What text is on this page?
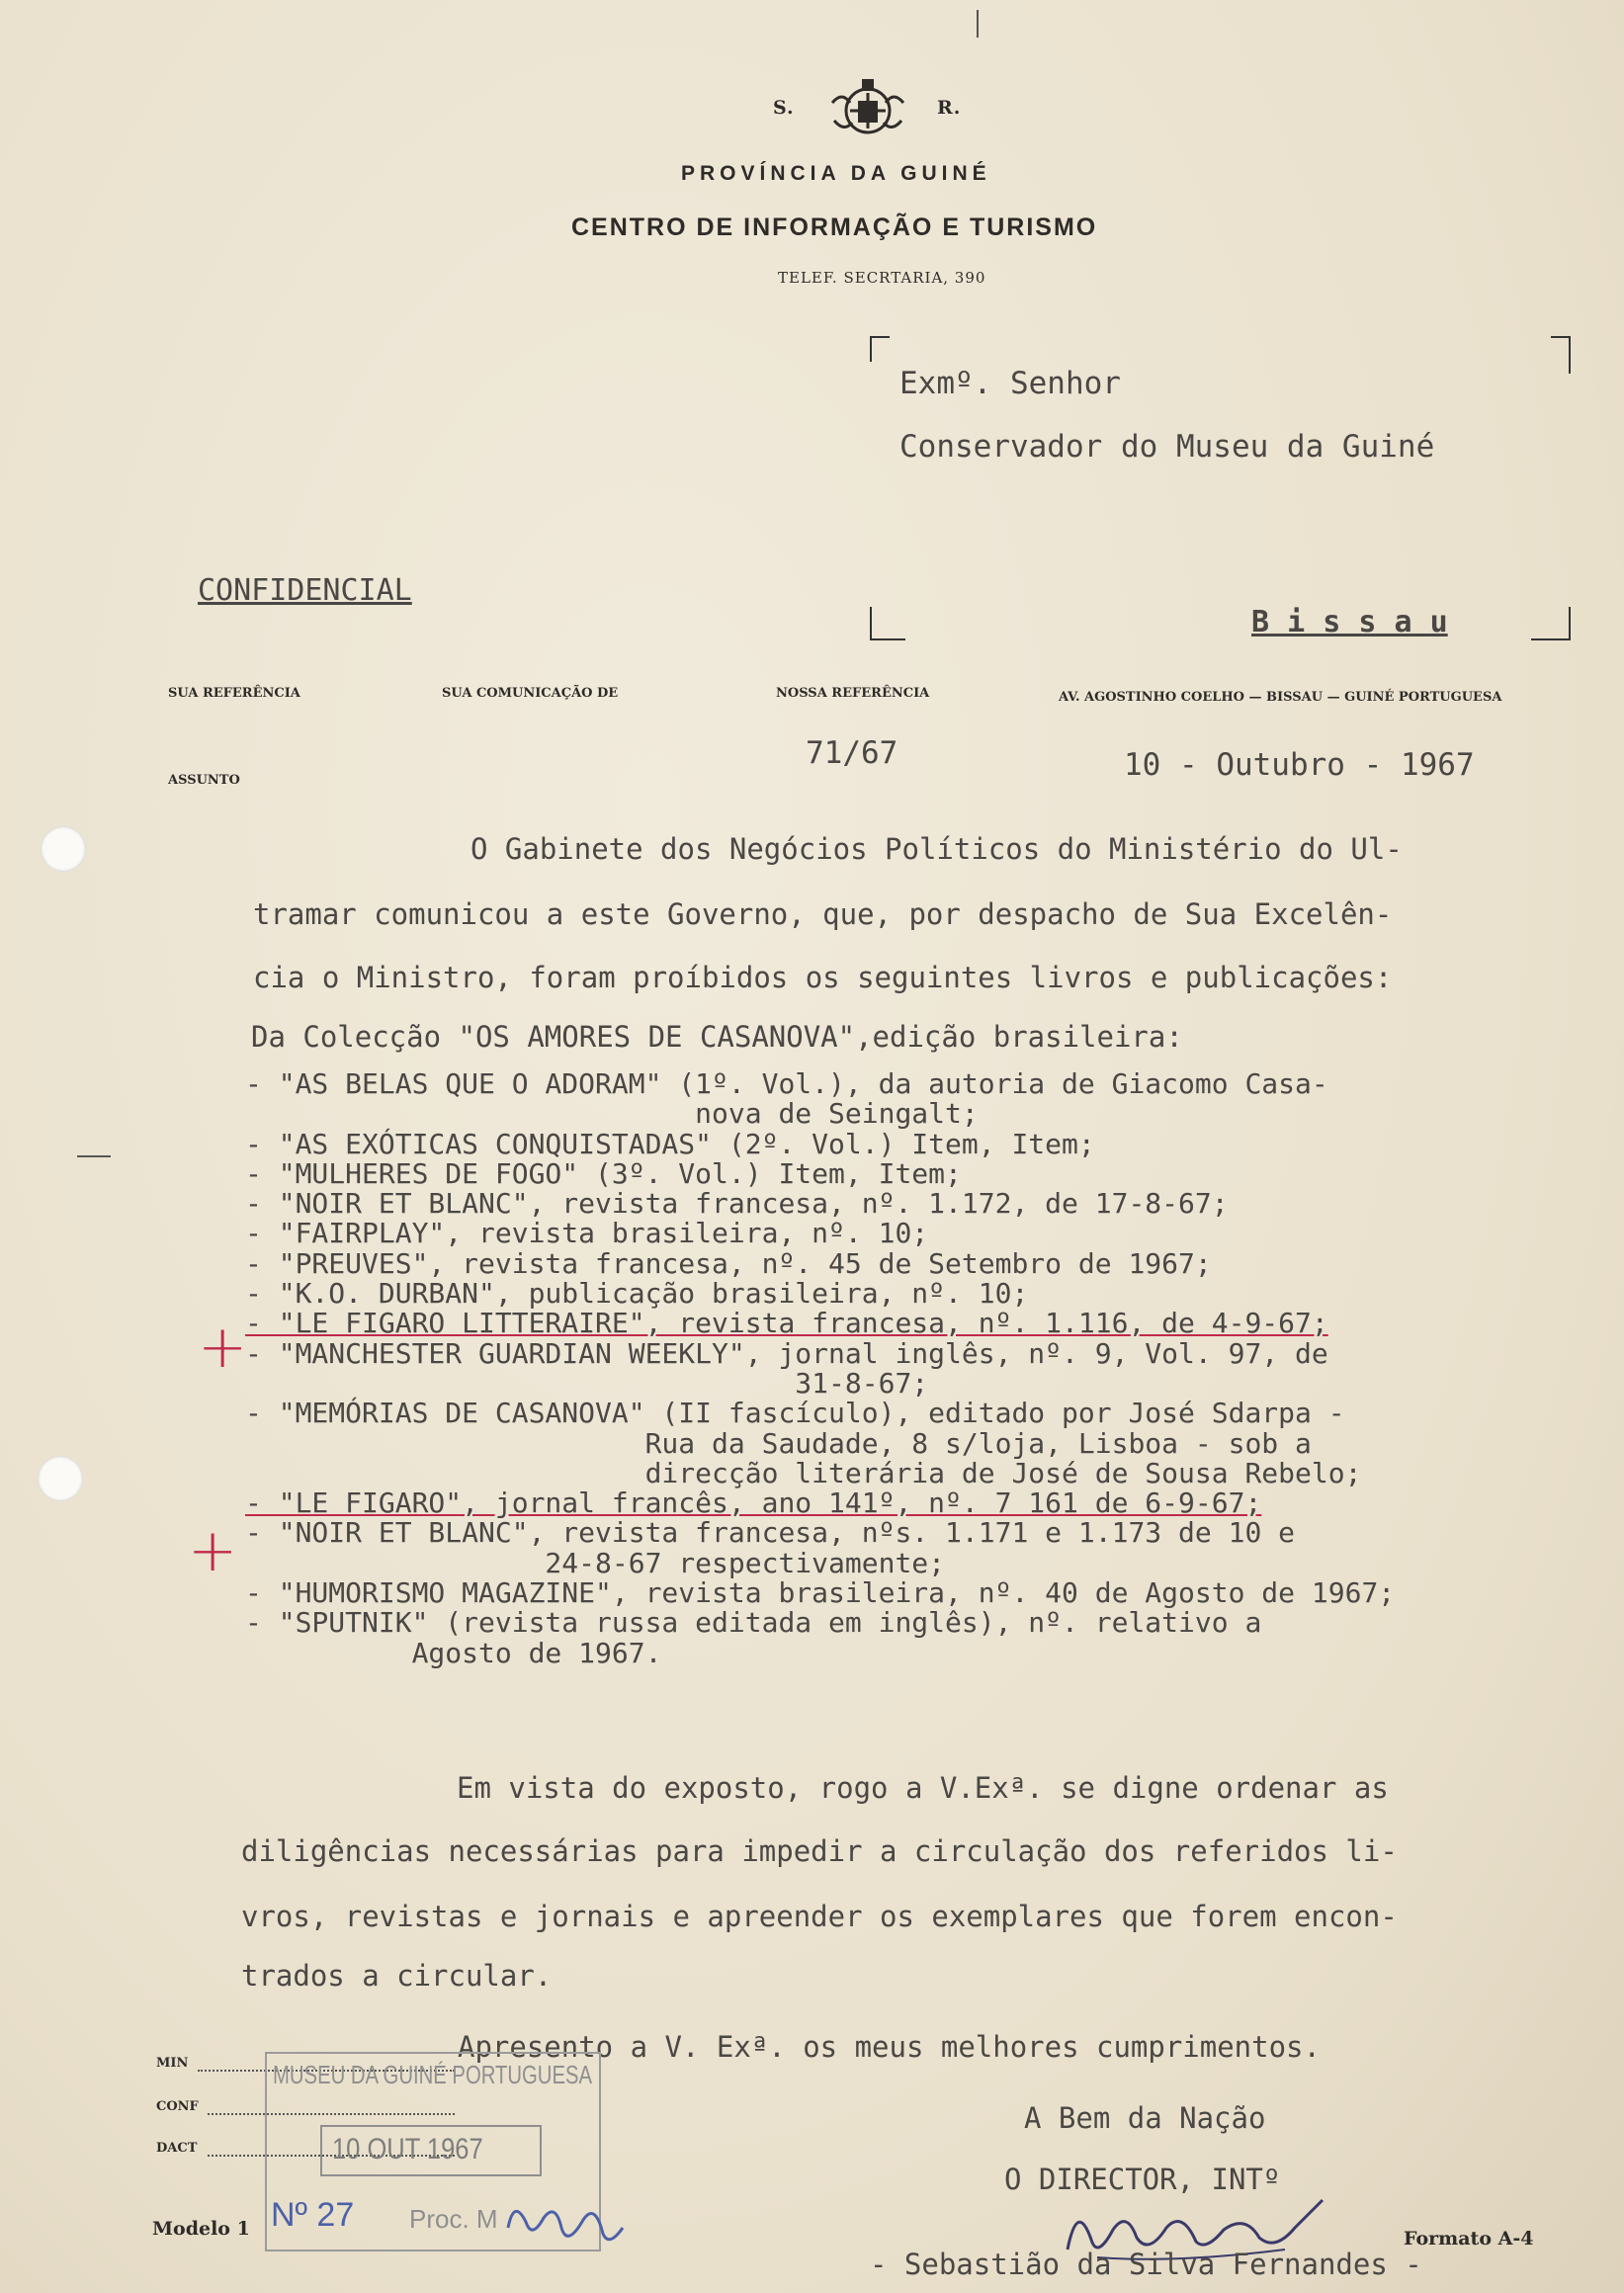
S.	R.
PROVÍNCIA DA GUINÉ
CENTRO DE INFORMAÇÃO E TURISMO
TELEF. SECRTARIA, 390
Exmº. Senhor
Conservador do Museu da Guiné
CONFIDENCIAL
B i s s a u
SUA REFERÊNCIA	SUA COMUNICAÇÃO DE	NOSSA REFERÊNCIA	AV. AGOSTINHO COELHO — BISSAU — GUINÉ PORTUGUESA
ASSUNTO
71/67	10 - Outubro - 1967
O Gabinete dos Negócios Políticos do Ministério do Ul-
tramar comunicou a este Governo, que, por despacho de Sua Excelên-
cia o Ministro, foram proíbidos os seguintes livros e publicações:
Da Colecção "OS AMORES DE CASANOVA",edição brasileira:
- "AS BELAS QUE O ADORAM" (1º. Vol.), da autoria de Giacomo Casa-
nova de Seingalt;
- "AS EXÓTICAS CONQUISTADAS" (2º. Vol.) Item, Item;
- "MULHERES DE FOGO" (3º. Vol.) Item, Item;
- "NOIR ET BLANC", revista francesa, nº. 1.172, de 17-8-67;
- "FAIRPLAY", revista brasileira, nº. 10;
- "PREUVES", revista francesa, nº. 45 de Setembro de 1967;
- "K.O. DURBAN", publicação brasileira, nº. 10;
- "LE FIGARO LITTERAIRE", revista francesa, nº. 1.116, de 4-9-67;
- "MANCHESTER GUARDIAN WEEKLY", jornal inglês, nº. 9, Vol. 97, de
31-8-67;
- "MEMÓRIAS DE CASANOVA" (II fascículo), editado por José Sdarpa -
Rua da Saudade, 8 s/loja, Lisboa - sob a
direcção literária de José de Sousa Rebelo;
- "LE FIGARO", jornal francês, ano 141º, nº. 7 161 de 6-9-67;
- "NOIR ET BLANC", revista francesa, nºs. 1.171 e 1.173 de 10 e
24-8-67 respectivamente;
- "HUMORISMO MAGAZINE", revista brasileira, nº. 40 de Agosto de 1967;
- "SPUTNIK" (revista russa editada em inglês), nº. relativo a
Agosto de 1967.
+
+
Em vista do exposto, rogo a V.Exª. se digne ordenar as
diligências necessárias para impedir a circulação dos referidos li-
vros, revistas e jornais e apreender os exemplares que forem encon-
trados a circular.
Apresento a V. Exª. os meus melhores cumprimentos.
A Bem da Nação
O DIRECTOR, INTº
- Sebastião da Silva Fernandes -
MIN
CONF
DACT
Modelo 1	Formato A-4
MUSEU DA GUINÉ PORTUGUESA
10 OUT 1967
Nº 27 Proc. M
